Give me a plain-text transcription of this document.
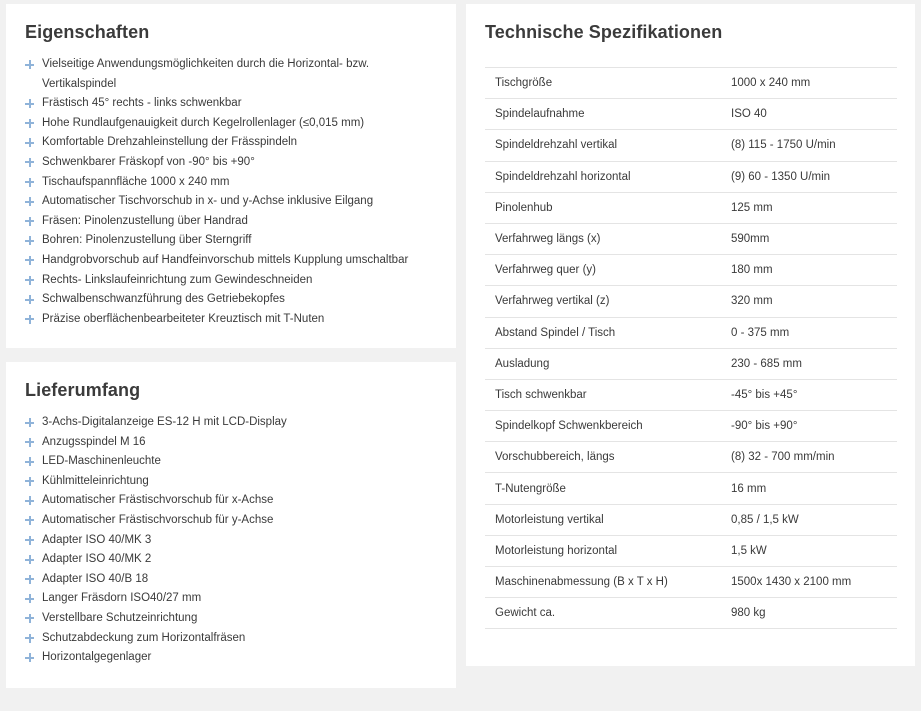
Eigenschaften
Vielseitige Anwendungsmöglichkeiten durch die Horizontal- bzw.
Vertikalspindel
Frästisch 45° rechts - links schwenkbar
Hohe Rundlaufgenauigkeit durch Kegelrollenlager (≤0,015 mm)
Komfortable Drehzahleinstellung der Frässpindeln
Schwenkbarer Fräskopf von -90° bis +90°
Tischaufspannfläche 1000 x 240 mm
Automatischer Tischvorschub in x- und y-Achse inklusive Eilgang
Fräsen: Pinolenzustellung über Handrad
Bohren: Pinolenzustellung über Sterngriff
Handgrobvorschub auf Handfeinvorschub mittels Kupplung umschaltbar
Rechts- Linkslaufeinrichtung zum Gewindeschneiden
Schwalbenschwanzführung des Getriebekopfes
Präzise oberflächenbearbeiteter Kreuztisch mit T-Nuten
Lieferumfang
3-Achs-Digitalanzeige ES-12 H mit LCD-Display
Anzugsspindel M 16
LED-Maschinenleuchte
Kühlmitteleinrichtung
Automatischer Frästischvorschub für x-Achse
Automatischer Frästischvorschub für y-Achse
Adapter ISO 40/MK 3
Adapter ISO 40/MK 2
Adapter ISO 40/B 18
Langer Fräsdorn ISO40/27 mm
Verstellbare Schutzeinrichtung
Schutzabdeckung zum Horizontalfräsen
Horizontalgegenlager
Technische Spezifikationen
Tischgröße	1000 x 240 mm
Spindelaufnahme	ISO 40
Spindeldrehzahl vertikal	(8) 115 - 1750 U/min
Spindeldrehzahl horizontal	(9) 60 - 1350 U/min
Pinolenhub	125 mm
Verfahrweg längs (x)	590mm
Verfahrweg quer (y)	180 mm
Verfahrweg vertikal (z)	320 mm
Abstand Spindel / Tisch	0 - 375 mm
Ausladung	230 - 685 mm
Tisch schwenkbar	-45° bis +45°
Spindelkopf Schwenkbereich	-90° bis +90°
Vorschubbereich, längs	(8) 32 - 700 mm/min
T-Nutengröße	16 mm
Motorleistung vertikal	0,85 / 1,5 kW
Motorleistung horizontal	1,5 kW
Maschinenabmessung (B x T x H)	1500x 1430 x 2100 mm
Gewicht ca.	980 kg
